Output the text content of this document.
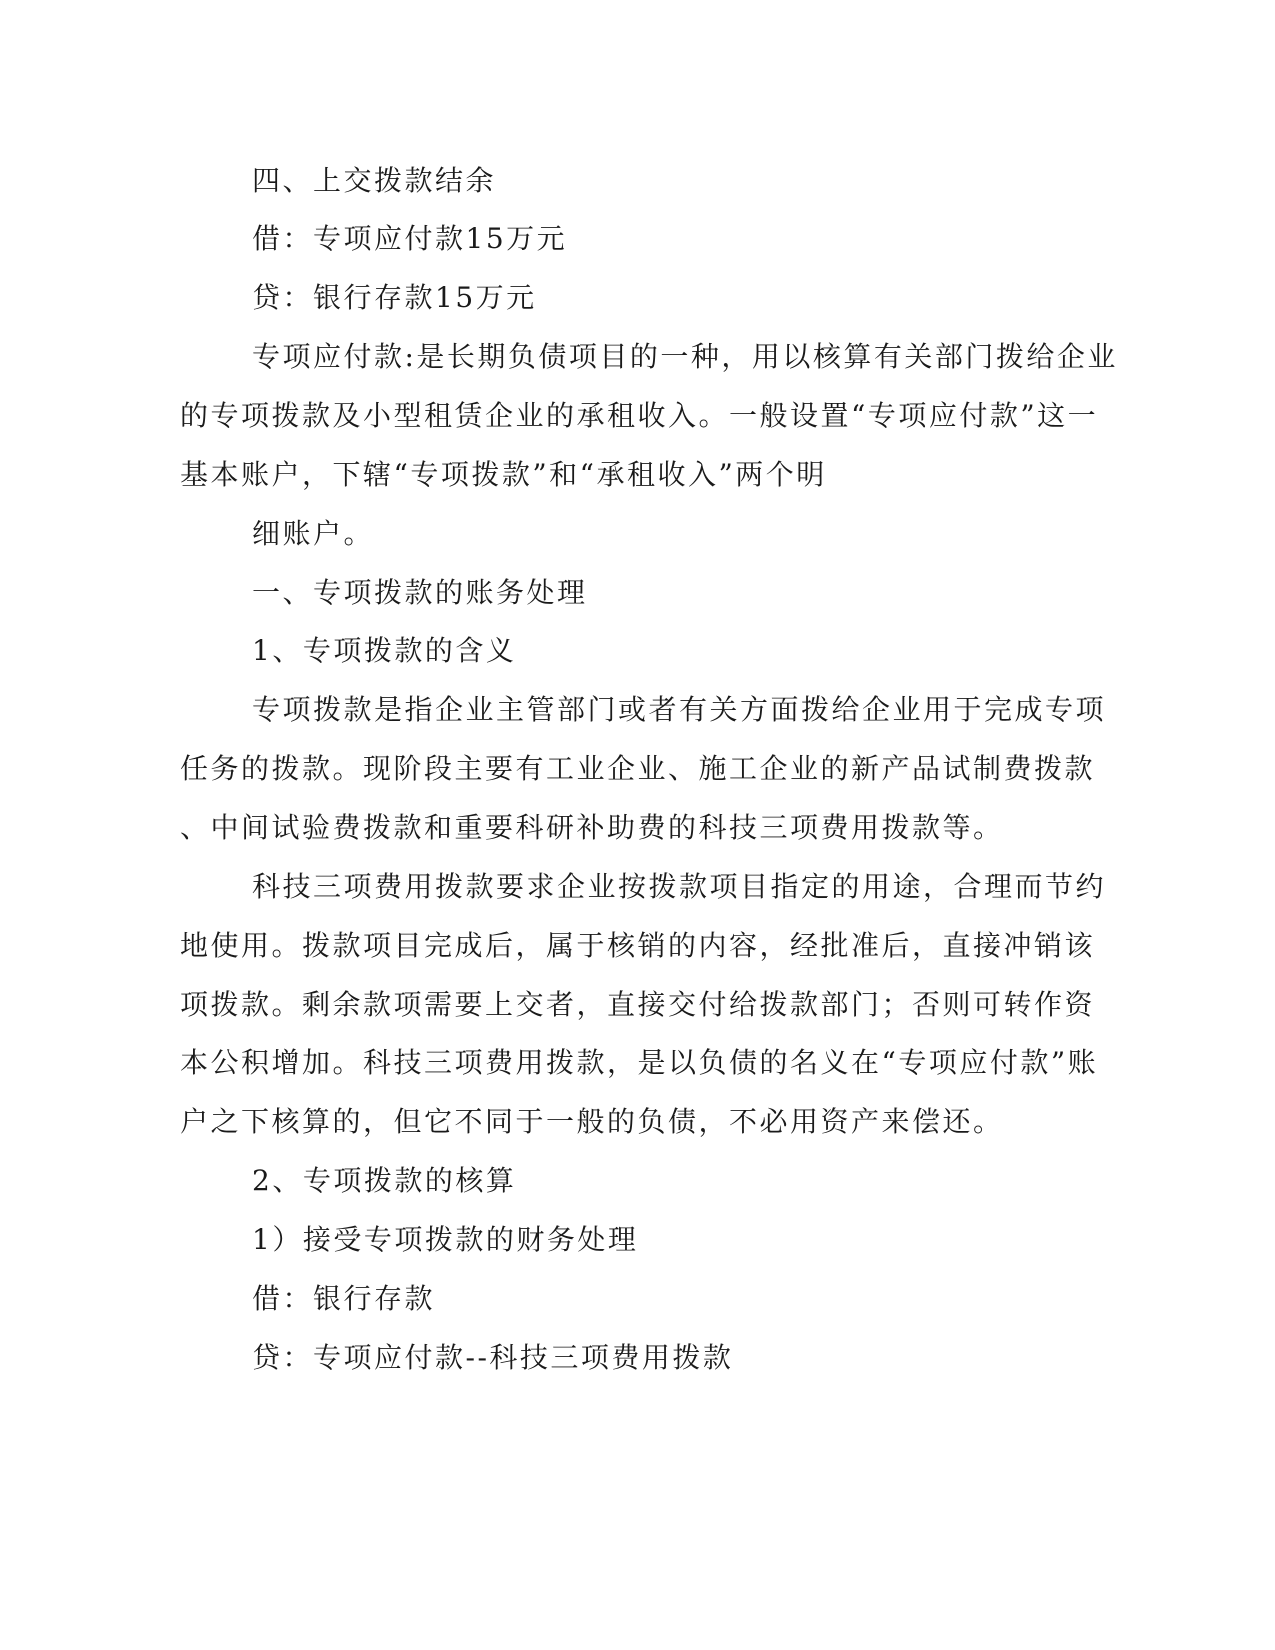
四、上交拨款结余
借：专项应付款15万元
贷：银行存款15万元
专项应付款:是长期负债项目的一种，用以核算有关部门拨给企业
的专项拨款及小型租赁企业的承租收入。一般设置“专项应付款”这一
基本账户，下辖“专项拨款”和“承租收入”两个明
细账户。
一、专项拨款的账务处理
1、专项拨款的含义
专项拨款是指企业主管部门或者有关方面拨给企业用于完成专项
任务的拨款。现阶段主要有工业企业、施工企业的新产品试制费拨款
、中间试验费拨款和重要科研补助费的科技三项费用拨款等。
科技三项费用拨款要求企业按拨款项目指定的用途，合理而节约
地使用。拨款项目完成后，属于核销的内容，经批准后，直接冲销该
项拨款。剩余款项需要上交者，直接交付给拨款部门；否则可转作资
本公积增加。科技三项费用拨款，是以负债的名义在“专项应付款”账
户之下核算的，但它不同于一般的负债，不必用资产来偿还。
2、专项拨款的核算
1）接受专项拨款的财务处理
借：银行存款
贷：专项应付款--科技三项费用拨款
